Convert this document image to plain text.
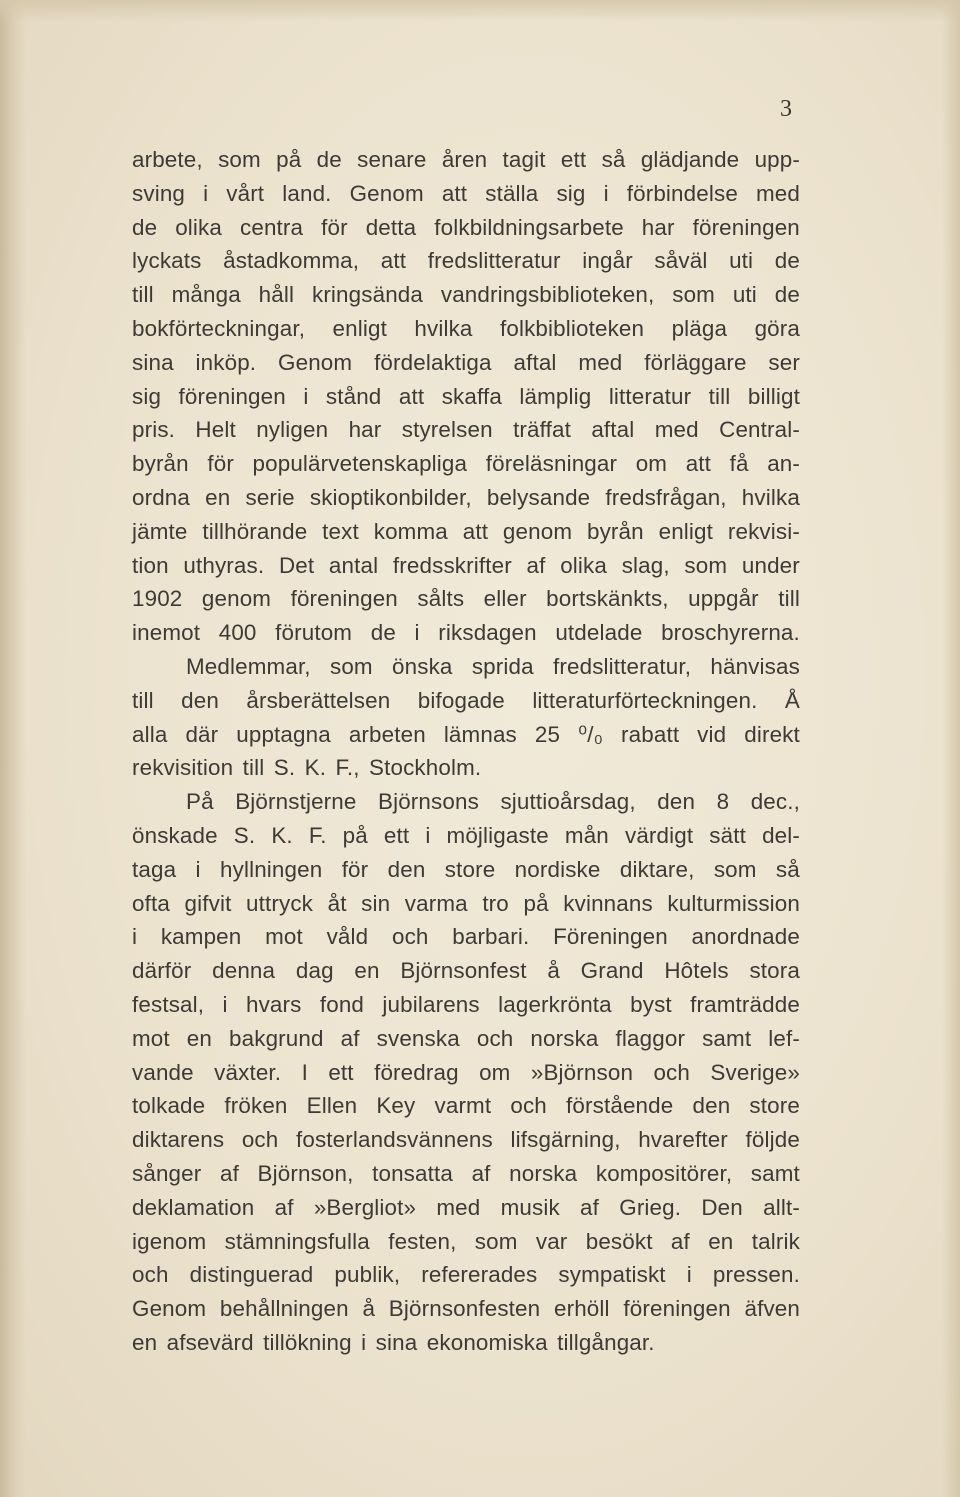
3
arbete, som på de senare åren tagit ett så glädjande upp-
sving i vårt land. Genom att ställa sig i förbindelse med
de olika centra för detta folkbildningsarbete har föreningen
lyckats åstadkomma, att fredslitteratur ingår såväl uti de
till många håll kringsända vandringsbiblioteken, som uti de
bokförteckningar, enligt hvilka folkbiblioteken pläga göra
sina inköp. Genom fördelaktiga aftal med förläggare ser
sig föreningen i stånd att skaffa lämplig litteratur till billigt
pris. Helt nyligen har styrelsen träffat aftal med Central-
byrån för populärvetenskapliga föreläsningar om att få an-
ordna en serie skioptikonbilder, belysande fredsfrågan, hvilka
jämte tillhörande text komma att genom byrån enligt rekvisi-
tion uthyras. Det antal fredsskrifter af olika slag, som under
1902 genom föreningen sålts eller bortskänkts, uppgår till
inemot 400 förutom de i riksdagen utdelade broschyrerna.
Medlemmar, som önska sprida fredslitteratur, hänvisas
till den årsberättelsen bifogade litteraturförteckningen. Å
alla där upptagna arbeten lämnas 25 ⁰/₀ rabatt vid direkt
rekvisition till S. K. F., Stockholm.
På Björnstjerne Björnsons sjuttioårsdag, den 8 dec.,
önskade S. K. F. på ett i möjligaste mån värdigt sätt del-
taga i hyllningen för den store nordiske diktare, som så
ofta gifvit uttryck åt sin varma tro på kvinnans kulturmission
i kampen mot våld och barbari. Föreningen anordnade
därför denna dag en Björnsonfest å Grand Hôtels stora
festsal, i hvars fond jubilarens lagerkrönta byst framträdde
mot en bakgrund af svenska och norska flaggor samt lef-
vande växter. I ett föredrag om »Björnson och Sverige»
tolkade fröken Ellen Key varmt och förstående den store
diktarens och fosterlandsvännens lifsgärning, hvarefter följde
sånger af Björnson, tonsatta af norska kompositörer, samt
deklamation af »Bergliot» med musik af Grieg. Den allt-
igenom stämningsfulla festen, som var besökt af en talrik
och distinguerad publik, refererades sympatiskt i pressen.
Genom behållningen å Björnsonfesten erhöll föreningen äfven
en afsevärd tillökning i sina ekonomiska tillgångar.
